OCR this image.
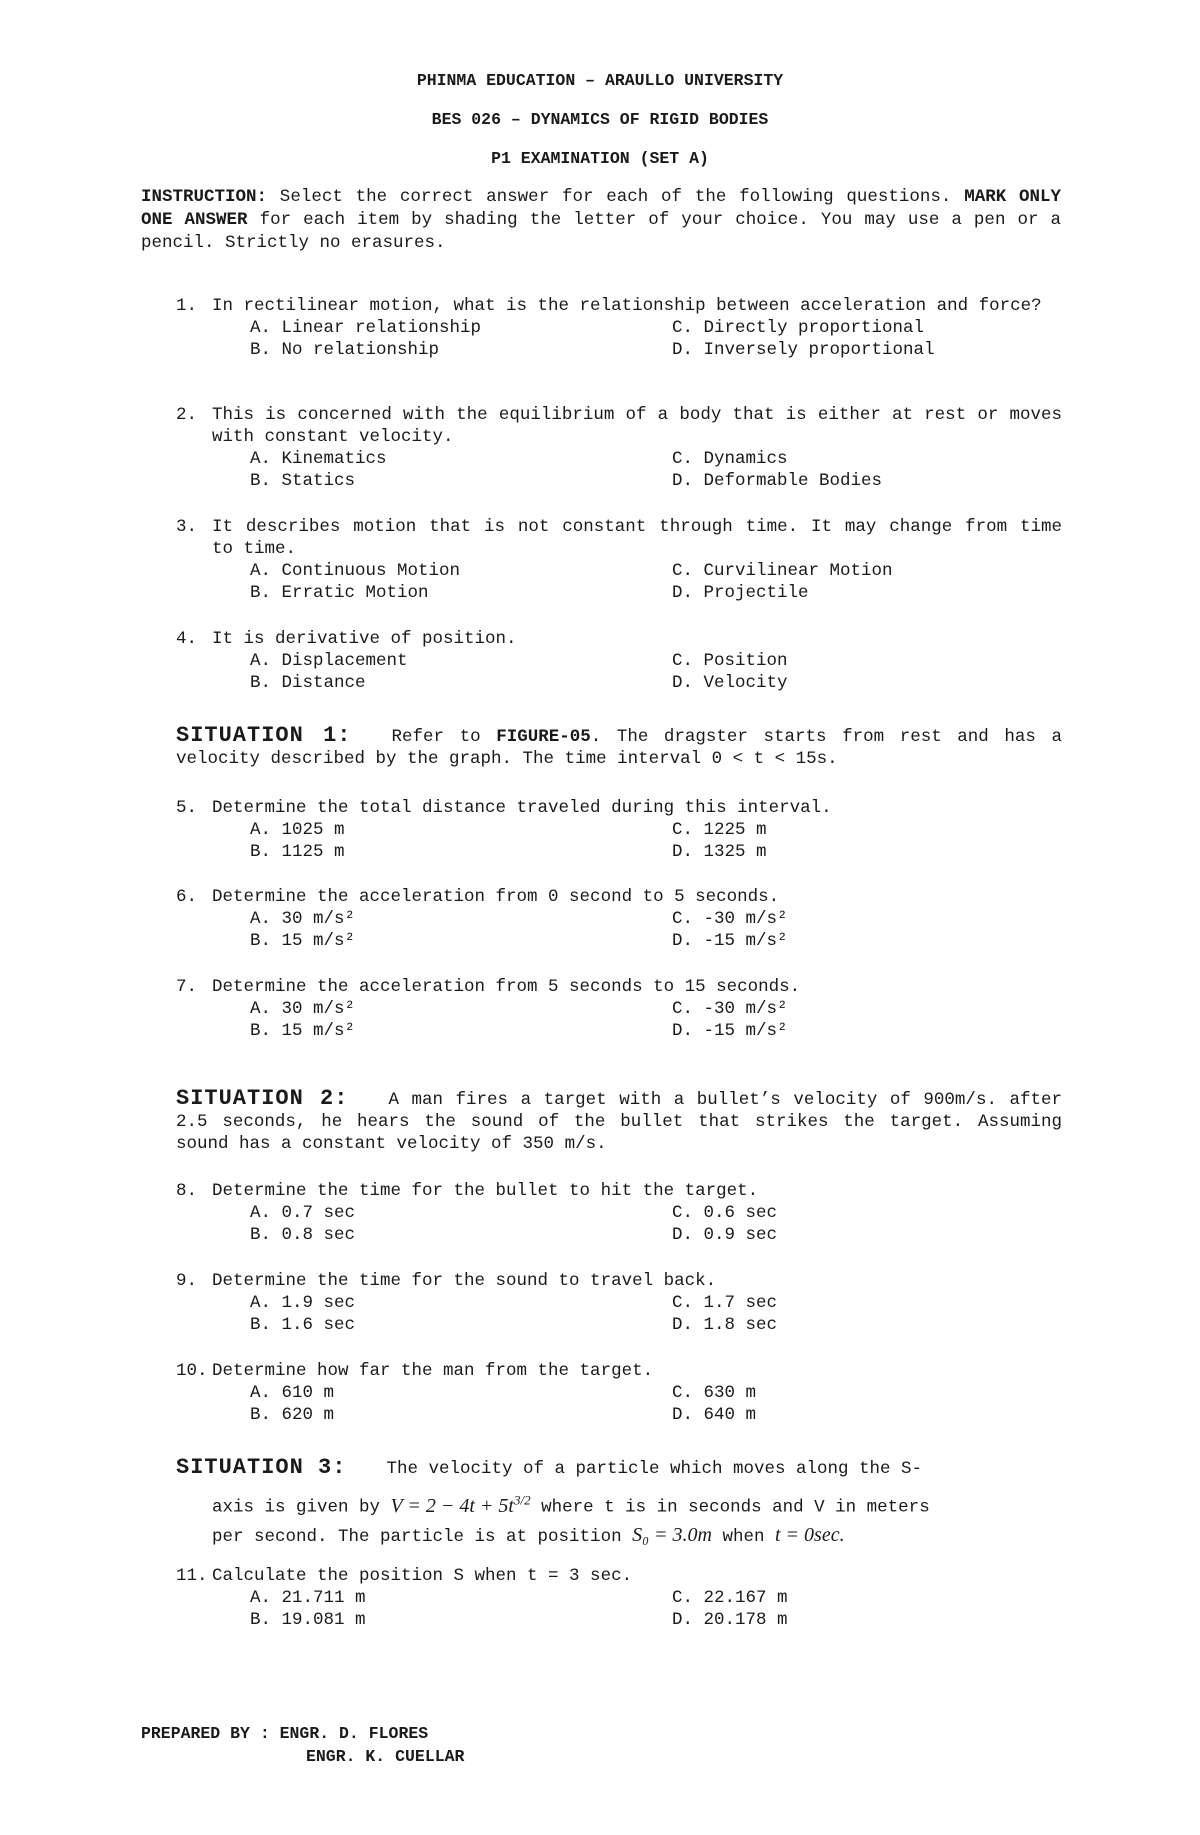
PHINMA EDUCATION – ARAULLO UNIVERSITY
BES 026 – DYNAMICS OF RIGID BODIES
P1 EXAMINATION (SET A)
INSTRUCTION: Select the correct answer for each of the following questions. MARK ONLY ONE ANSWER for each item by shading the letter of your choice. You may use a pen or a pencil. Strictly no erasures.
1. In rectilinear motion, what is the relationship between acceleration and force?
A. Linear relationship	C. Directly proportional
B. No relationship	D. Inversely proportional
2. This is concerned with the equilibrium of a body that is either at rest or moves with constant velocity.
A. Kinematics	C. Dynamics
B. Statics	D. Deformable Bodies
3. It describes motion that is not constant through time. It may change from time to time.
A. Continuous Motion	C. Curvilinear Motion
B. Erratic Motion	D. Projectile
4. It is derivative of position.
A. Displacement	C. Position
B. Distance	D. Velocity
SITUATION 1: Refer to FIGURE-05. The dragster starts from rest and has a velocity described by the graph. The time interval 0 < t < 15s.
5. Determine the total distance traveled during this interval.
A. 1025 m	C. 1225 m
B. 1125 m	D. 1325 m
6. Determine the acceleration from 0 second to 5 seconds.
A. 30 m/s²	C. -30 m/s²
B. 15 m/s²	D. -15 m/s²
7. Determine the acceleration from 5 seconds to 15 seconds.
A. 30 m/s²	C. -30 m/s²
B. 15 m/s²	D. -15 m/s²
SITUATION 2: A man fires a target with a bullet’s velocity of 900m/s. after 2.5 seconds, he hears the sound of the bullet that strikes the target. Assuming sound has a constant velocity of 350 m/s.
8. Determine the time for the bullet to hit the target.
A. 0.7 sec	C. 0.6 sec
B. 0.8 sec	D. 0.9 sec
9. Determine the time for the sound to travel back.
A. 1.9 sec	C. 1.7 sec
B. 1.6 sec	D. 1.8 sec
10. Determine how far the man from the target.
A. 610 m	C. 630 m
B. 620 m	D. 640 m
SITUATION 3: The velocity of a particle which moves along the S-
axis is given by $V = 2 - 4t + 5t^{3/2}$ where t is in seconds and V in meters
per second. The particle is at position S₀ = 3.0m when t = 0sec.
11. Calculate the position S when t = 3 sec.
A. 21.711 m	C. 22.167 m
B. 19.081 m	D. 20.178 m
PREPARED BY : ENGR. D. FLORES
ENGR. K. CUELLAR
